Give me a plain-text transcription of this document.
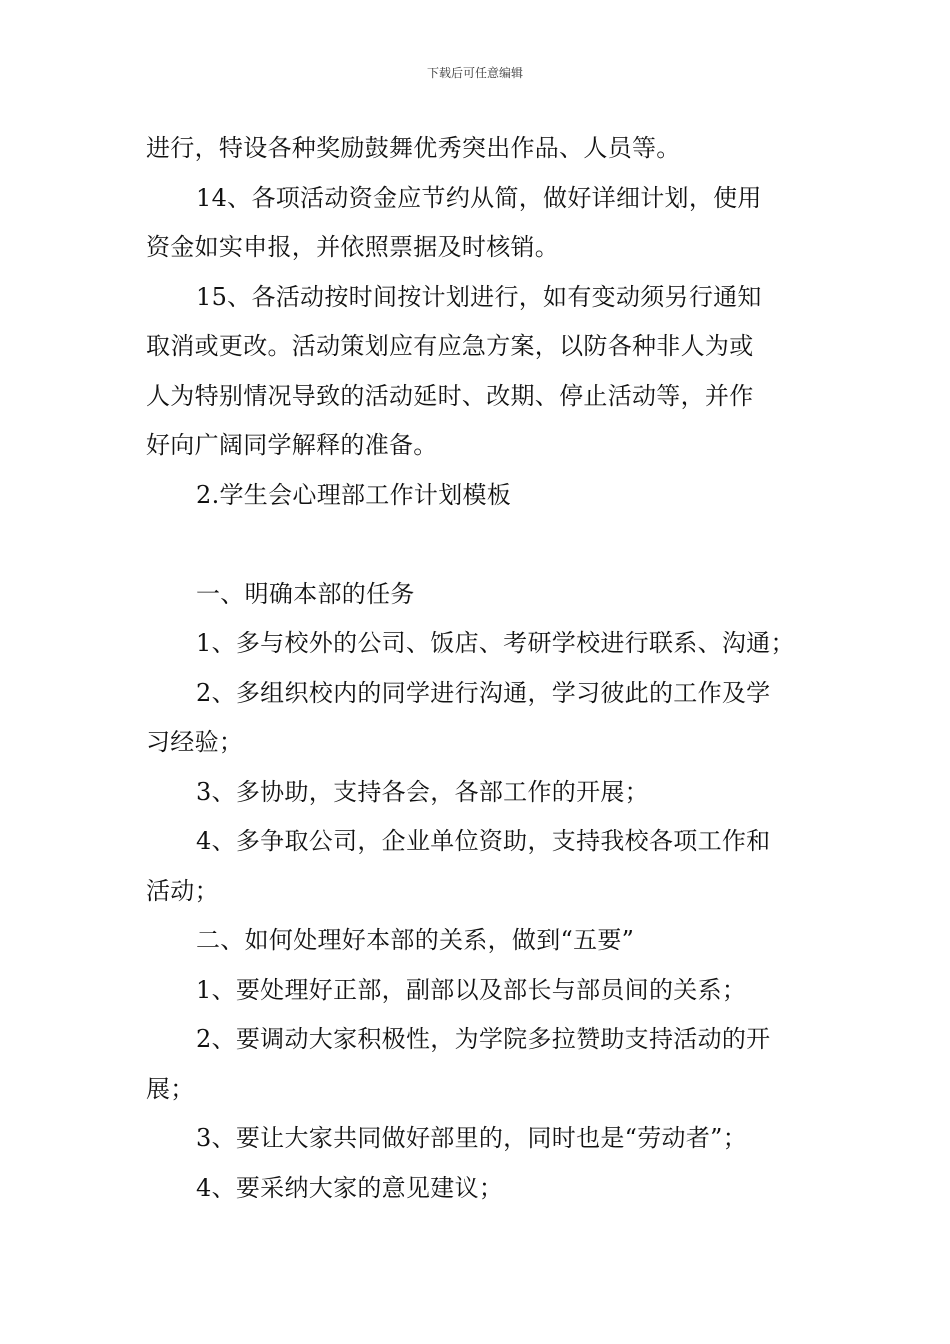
下载后可任意编辑

进行，特设各种奖励鼓舞优秀突出作品、人员等。

14、各项活动资金应节约从简，做好详细计划，使用

资金如实申报，并依照票据及时核销。

15、各活动按时间按计划进行，如有变动须另行通知

取消或更改。活动策划应有应急方案，以防各种非人为或

人为特别情况导致的活动延时、改期、停止活动等，并作

好向广阔同学解释的准备。

2.学生会心理部工作计划模板

一、明确本部的任务

1、多与校外的公司、饭店、考研学校进行联系、沟通；

2、多组织校内的同学进行沟通，学习彼此的工作及学

习经验；

3、多协助，支持各会，各部工作的开展；

4、多争取公司，企业单位资助，支持我校各项工作和

活动；

二、如何处理好本部的关系，做到“五要”

1、要处理好正部，副部以及部长与部员间的关系；

2、要调动大家积极性，为学院多拉赞助支持活动的开

展；

3、要让大家共同做好部里的，同时也是“劳动者”；

4、要采纳大家的意见建议；
